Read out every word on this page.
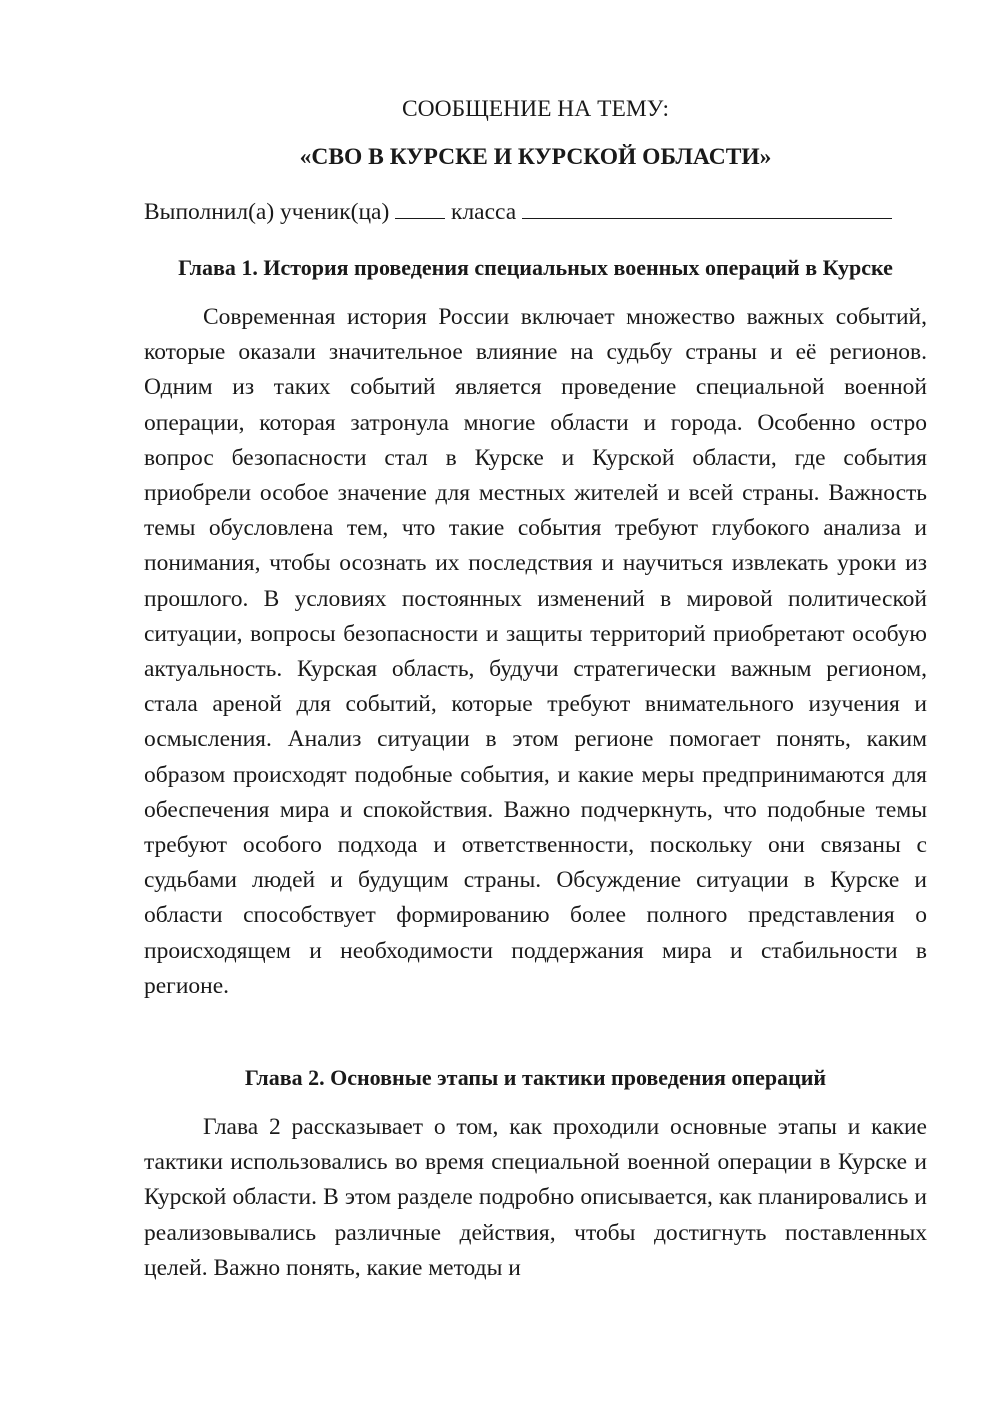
СООБЩЕНИЕ НА ТЕМУ:
«СВО В КУРСКЕ И КУРСКОЙ ОБЛАСТИ»
Выполнил(а) ученик(ца)  класса
Глава 1. История проведения специальных военных операций в Курске

Современная история России включает множество важных событий, которые оказали значительное влияние на судьбу страны и её регионов. Одним из таких событий является проведение специальной военной операции, которая затронула многие области и города. Особенно остро вопрос безопасности стал в Курске и Курской области, где события приобрели особое значение для местных жителей и всей страны. Важность темы обусловлена тем, что такие события требуют глубокого анализа и понимания, чтобы осознать их последствия и научиться извлекать уроки из прошлого. В условиях постоянных изменений в мировой политической ситуации, вопросы безопасности и защиты территорий приобретают особую актуальность. Курская область, будучи стратегически важным регионом, стала ареной для событий, которые требуют внимательного изучения и осмысления. Анализ ситуации в этом регионе помогает понять, каким образом происходят подобные события, и какие меры предпринимаются для обеспечения мира и спокойствия. Важно подчеркнуть, что подобные темы требуют особого подхода и ответственности, поскольку они связаны с судьбами людей и будущим страны. Обсуждение ситуации в Курске и области способствует формированию более полного представления о происходящем и необходимости поддержания мира и стабильности в регионе.

Глава 2. Основные этапы и тактики проведения операций

Глава 2 рассказывает о том, как проходили основные этапы и какие тактики использовались во время специальной военной операции в Курске и Курской области. В этом разделе подробно описывается, как планировались и реализовывались различные действия, чтобы достигнуть поставленных целей. Важно понять, какие методы и
